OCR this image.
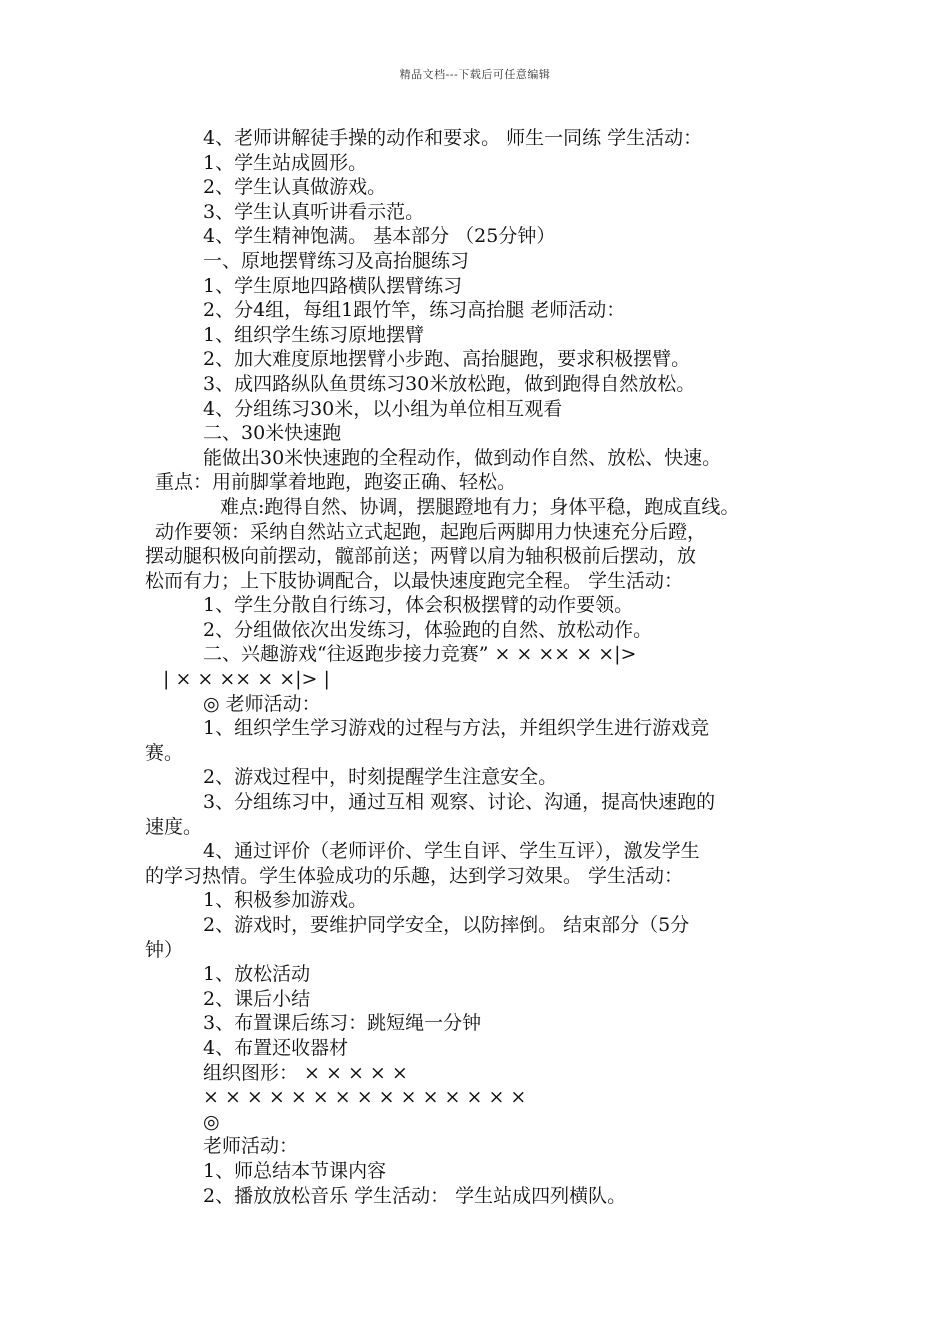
精品文档---下载后可任意编辑
4、老师讲解徒手操的动作和要求。 师生一同练 学生活动：
1、学生站成圆形。
2、学生认真做游戏。
3、学生认真听讲看示范。
4、学生精神饱满。 基本部分 （25分钟）
一、原地摆臂练习及高抬腿练习
1、学生原地四路横队摆臂练习
2、分4组，每组1跟竹竿，练习高抬腿 老师活动：
1、组织学生练习原地摆臂
2、加大难度原地摆臂小步跑、高抬腿跑，要求积极摆臂。
3、成四路纵队鱼贯练习30米放松跑，做到跑得自然放松。
4、分组练习30米，以小组为单位相互观看
二、30米快速跑
能做出30米快速跑的全程动作，做到动作自然、放松、快速。
重点：用前脚掌着地跑，跑姿正确、轻松。
难点:跑得自然、协调，摆腿蹬地有力；身体平稳，跑成直线。
动作要领：采纳自然站立式起跑，起跑后两脚用力快速充分后蹬，
摆动腿积极向前摆动，髋部前送；两臂以肩为轴积极前后摆动，放
松而有力；上下肢协调配合，以最快速度跑完全程。 学生活动：
1、学生分散自行练习，体会积极摆臂的动作要领。
2、分组做依次出发练习，体验跑的自然、放松动作。
二、兴趣游戏“往返跑步接力竞赛” × × ×× × ×|>
| × × ×× × ×|> |
◎ 老师活动：
1、组织学生学习游戏的过程与方法，并组织学生进行游戏竞
赛。
2、游戏过程中，时刻提醒学生注意安全。
3、分组练习中，通过互相 观察、讨论、沟通，提高快速跑的
速度。
4、通过评价（老师评价、学生自评、学生互评），激发学生
的学习热情。学生体验成功的乐趣，达到学习效果。 学生活动：
1、积极参加游戏。
2、游戏时，要维护同学安全，以防摔倒。 结束部分（5分
钟）
1、放松活动
2、课后小结
3、布置课后练习：跳短绳一分钟
4、布置还收器材
组织图形： × × × × ×
× × × × × × × × × × × × × × ×
◎
老师活动：
1、师总结本节课内容
2、播放放松音乐 学生活动： 学生站成四列横队。
